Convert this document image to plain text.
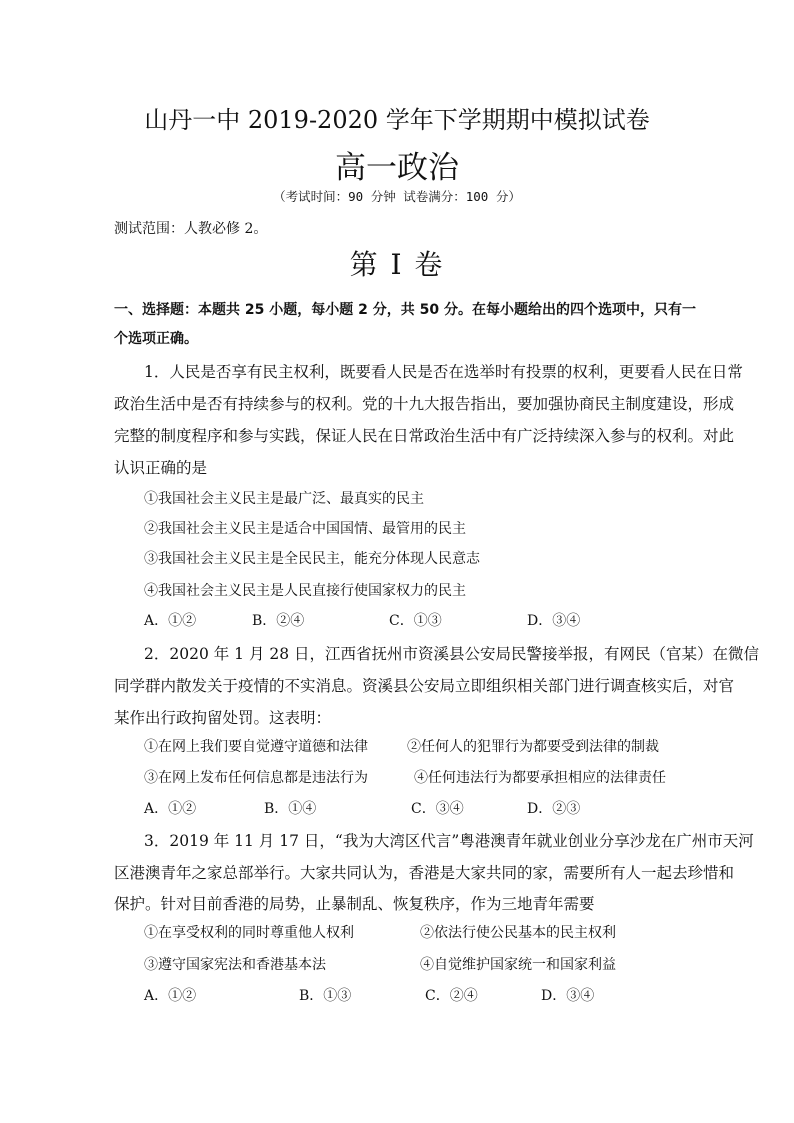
山丹一中 2019-2020 学年下学期期中模拟试卷
高一政治
（考试时间：90 分钟 试卷满分：100 分）
测试范围：人教必修 2。
第 I 卷
一、选择题：本题共 25 小题，每小题 2 分，共 50 分。在每小题给出的四个选项中，只有一
个选项正确。
1．人民是否享有民主权利，既要看人民是否在选举时有投票的权利，更要看人民在日常
政治生活中是否有持续参与的权利。党的十九大报告指出，要加强协商民主制度建设，形成
完整的制度程序和参与实践，保证人民在日常政治生活中有广泛持续深入参与的权利。对此
认识正确的是
①我国社会主义民主是最广泛、最真实的民主
②我国社会主义民主是适合中国国情、最管用的民主
③我国社会主义民主是全民民主，能充分体现人民意志
④我国社会主义民主是人民直接行使国家权力的民主
A．①②	B．②④	C．①③	D．③④
2．2020 年 1 月 28 日，江西省抚州市资溪县公安局民警接举报，有网民（官某）在微信
同学群内散发关于疫情的不实消息。资溪县公安局立即组织相关部门进行调查核实后，对官
某作出行政拘留处罚。这表明：
①在网上我们要自觉遵守道德和法律	②任何人的犯罪行为都要受到法律的制裁
③在网上发布任何信息都是违法行为	④任何违法行为都要承担相应的法律责任
A．①②	B．①④	C．③④	D．②③
3．2019 年 11 月 17 日，“我为大湾区代言”粤港澳青年就业创业分享沙龙在广州市天河
区港澳青年之家总部举行。大家共同认为，香港是大家共同的家，需要所有人一起去珍惜和
保护。针对目前香港的局势，止暴制乱、恢复秩序，作为三地青年需要
①在享受权利的同时尊重他人权利	②依法行使公民基本的民主权利
③遵守国家宪法和香港基本法	④自觉维护国家统一和国家利益
A．①②	B．①③	C．②④	D．③④
